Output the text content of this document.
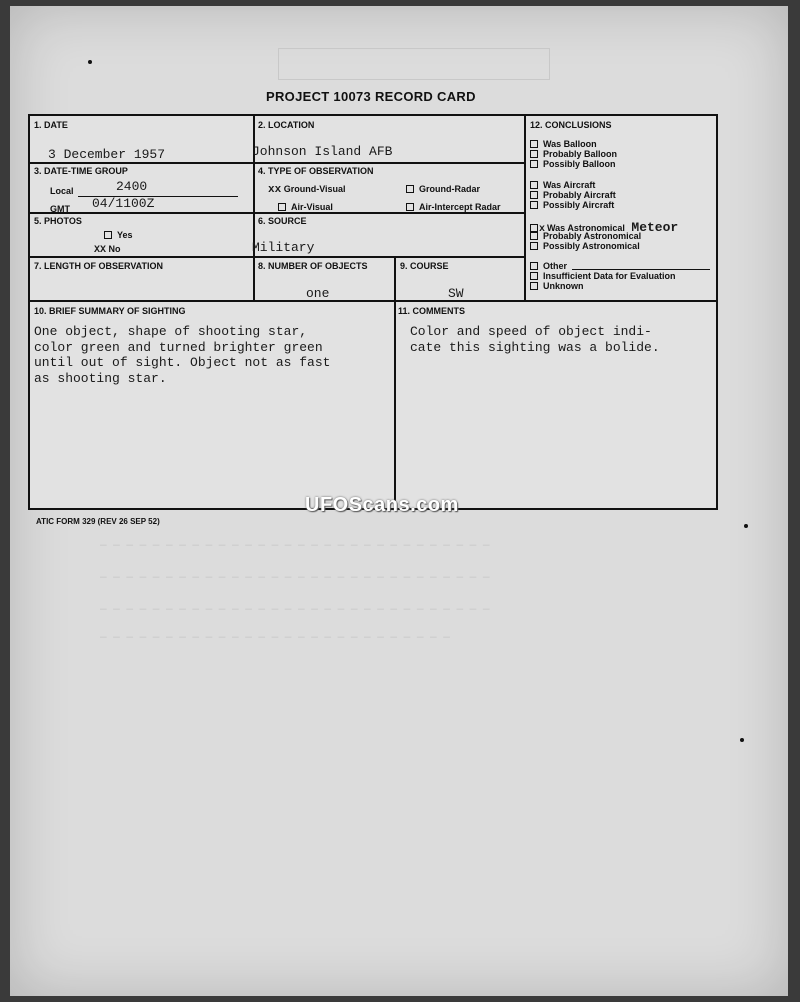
— — — — — — — — — — — — — — — — — — — — — — — — — — — — — —
— — — — — — — — — — — — — — — — — — — — — — — — — — — — — —
— — — — — — — — — — — — — — — — — — — — — — — — — — — — — —
— — — — — — — — — — — — — — — — — — — — — — — — — — —
PROJECT 10073 RECORD CARD
1. DATE
3 December 1957
2. LOCATION
Johnson Island AFB
3. DATE-TIME GROUP
Local	2400
GMT 04/1100Z
4. TYPE OF OBSERVATION
xx Ground-Visual	Ground-Radar
Air-Visual	Air-Intercept Radar
5. PHOTOS
Yes
XX No
6. SOURCE
Military
7. LENGTH OF OBSERVATION	8. NUMBER OF OBJECTS
one
9. COURSE
SW
10. BRIEF SUMMARY OF SIGHTING
One object, shape of shooting star,
color green and turned brighter green
until out of sight. Object not as fast
as shooting star.
11. COMMENTS
Color and speed of object indi-
cate this sighting was a bolide.
12. CONCLUSIONS
Was Balloon
Probably Balloon
Possibly Balloon
Was Aircraft
Probably Aircraft
Possibly Aircraft
x Was Astronomical Meteor
Probably Astronomical
Possibly Astronomical
Other
Insufficient Data for Evaluation
Unknown
ATIC FORM 329 (REV 26 SEP 52)
UFOScans.com
